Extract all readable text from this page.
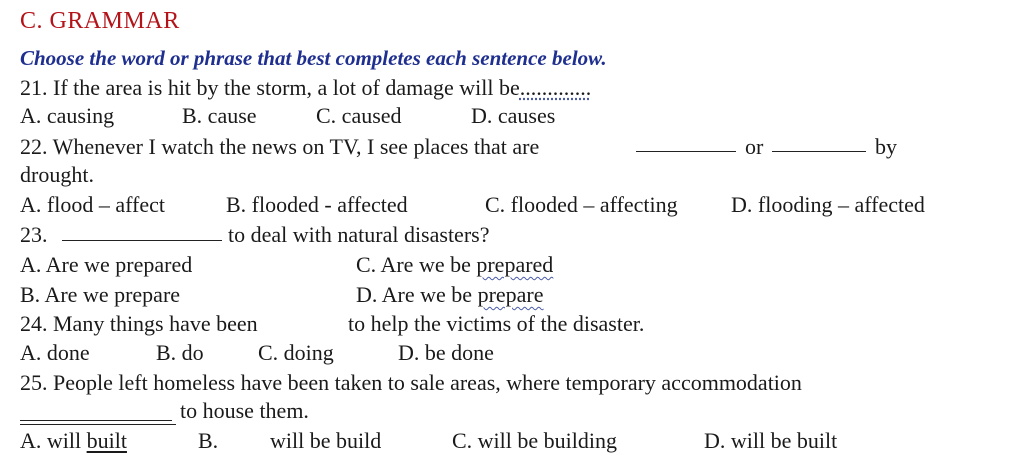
C. GRAMMAR
Choose the word or phrase that best completes each sentence below.
21. If the area is hit by the storm, a lot of damage will be.............
A. causing	B. cause	C. caused	D. causes
22. Whenever I watch the news on TV, I see places that are	or	by
drought.
A. flood – affect	B. flooded - affected	C. flooded – affecting D. flooding – affected
23.	to deal with natural disasters?
A. Are we prepared	C. Are we be prepared
B. Are we prepare	D. Are we be prepare
24. Many things have been	to help the victims of the disaster.
A. done	B. do C. doing	D. be done
25. People left homeless have been taken to sale areas, where temporary accommodation
to house them.
A. will built	B. will be build	C. will be building	D. will be built
